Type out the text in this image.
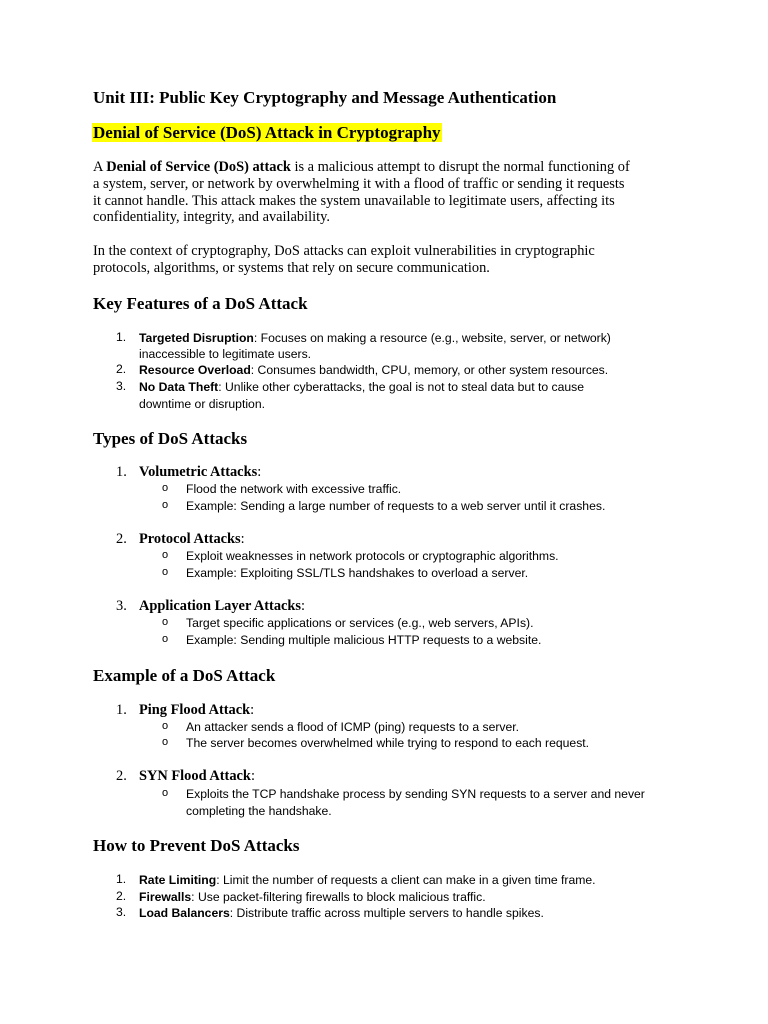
Unit III: Public Key Cryptography and Message Authentication
Denial of Service (DoS) Attack in Cryptography
A Denial of Service (DoS) attack is a malicious attempt to disrupt the normal functioning of
a system, server, or network by overwhelming it with a flood of traffic or sending it requests
it cannot handle. This attack makes the system unavailable to legitimate users, affecting its
confidentiality, integrity, and availability.
In the context of cryptography, DoS attacks can exploit vulnerabilities in cryptographic
protocols, algorithms, or systems that rely on secure communication.
Key Features of a DoS Attack
1. Targeted Disruption: Focuses on making a resource (e.g., website, server, or network)
inaccessible to legitimate users.
2. Resource Overload: Consumes bandwidth, CPU, memory, or other system resources.
3. No Data Theft: Unlike other cyberattacks, the goal is not to steal data but to cause
downtime or disruption.
Types of DoS Attacks
1. Volumetric Attacks:
o Flood the network with excessive traffic.
o Example: Sending a large number of requests to a web server until it crashes.
2. Protocol Attacks:
o Exploit weaknesses in network protocols or cryptographic algorithms.
o Example: Exploiting SSL/TLS handshakes to overload a server.
3. Application Layer Attacks:
o Target specific applications or services (e.g., web servers, APIs).
o Example: Sending multiple malicious HTTP requests to a website.
Example of a DoS Attack
1. Ping Flood Attack:
o An attacker sends a flood of ICMP (ping) requests to a server.
o The server becomes overwhelmed while trying to respond to each request.
2. SYN Flood Attack:
o Exploits the TCP handshake process by sending SYN requests to a server and never
completing the handshake.
How to Prevent DoS Attacks
1. Rate Limiting: Limit the number of requests a client can make in a given time frame.
2. Firewalls: Use packet-filtering firewalls to block malicious traffic.
3. Load Balancers: Distribute traffic across multiple servers to handle spikes.
